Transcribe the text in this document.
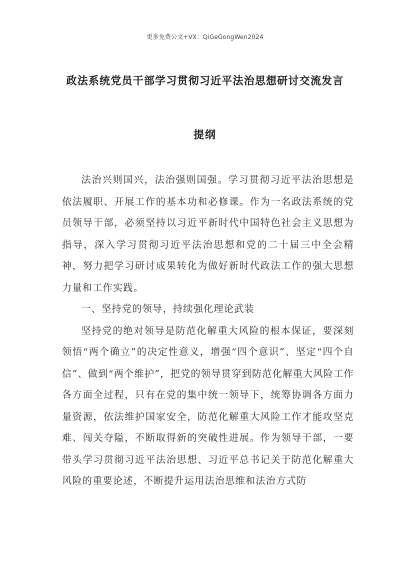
更多免费公文+VX：QiGeGongWen2024
政法系统党员干部学习贯彻习近平法治思想研讨交流发言
提纲

法治兴则国兴，法治强则国强。学习贯彻习近平法治思想是依法履职、开展工作的基本功和必修课。作为一名政法系统的党员领导干部，必须坚持以习近平新时代中国特色社会主义思想为指导，深入学习贯彻习近平法治思想和党的二十届三中全会精神，努力把学习研讨成果转化为做好新时代政法工作的强大思想力量和工作实践。

一、坚持党的领导，持续强化理论武装

坚持党的绝对领导是防范化解重大风险的根本保证，要深刻领悟“两个确立”的决定性意义，增强“四个意识”、坚定“四个自信”、做到“两个维护”，把党的领导贯穿到防范化解重大风险工作各方面全过程，只有在党的集中统一领导下，统筹协调各方面力量资源，依法维护国家安全，防范化解重大风险工作才能攻坚克难、闯关夺隘，不断取得新的突破性进展。作为领导干部，一要带头学习贯彻习近平法治思想、习近平总书记关于防范化解重大风险的重要论述，不断提升运用法治思维和法治方式防
